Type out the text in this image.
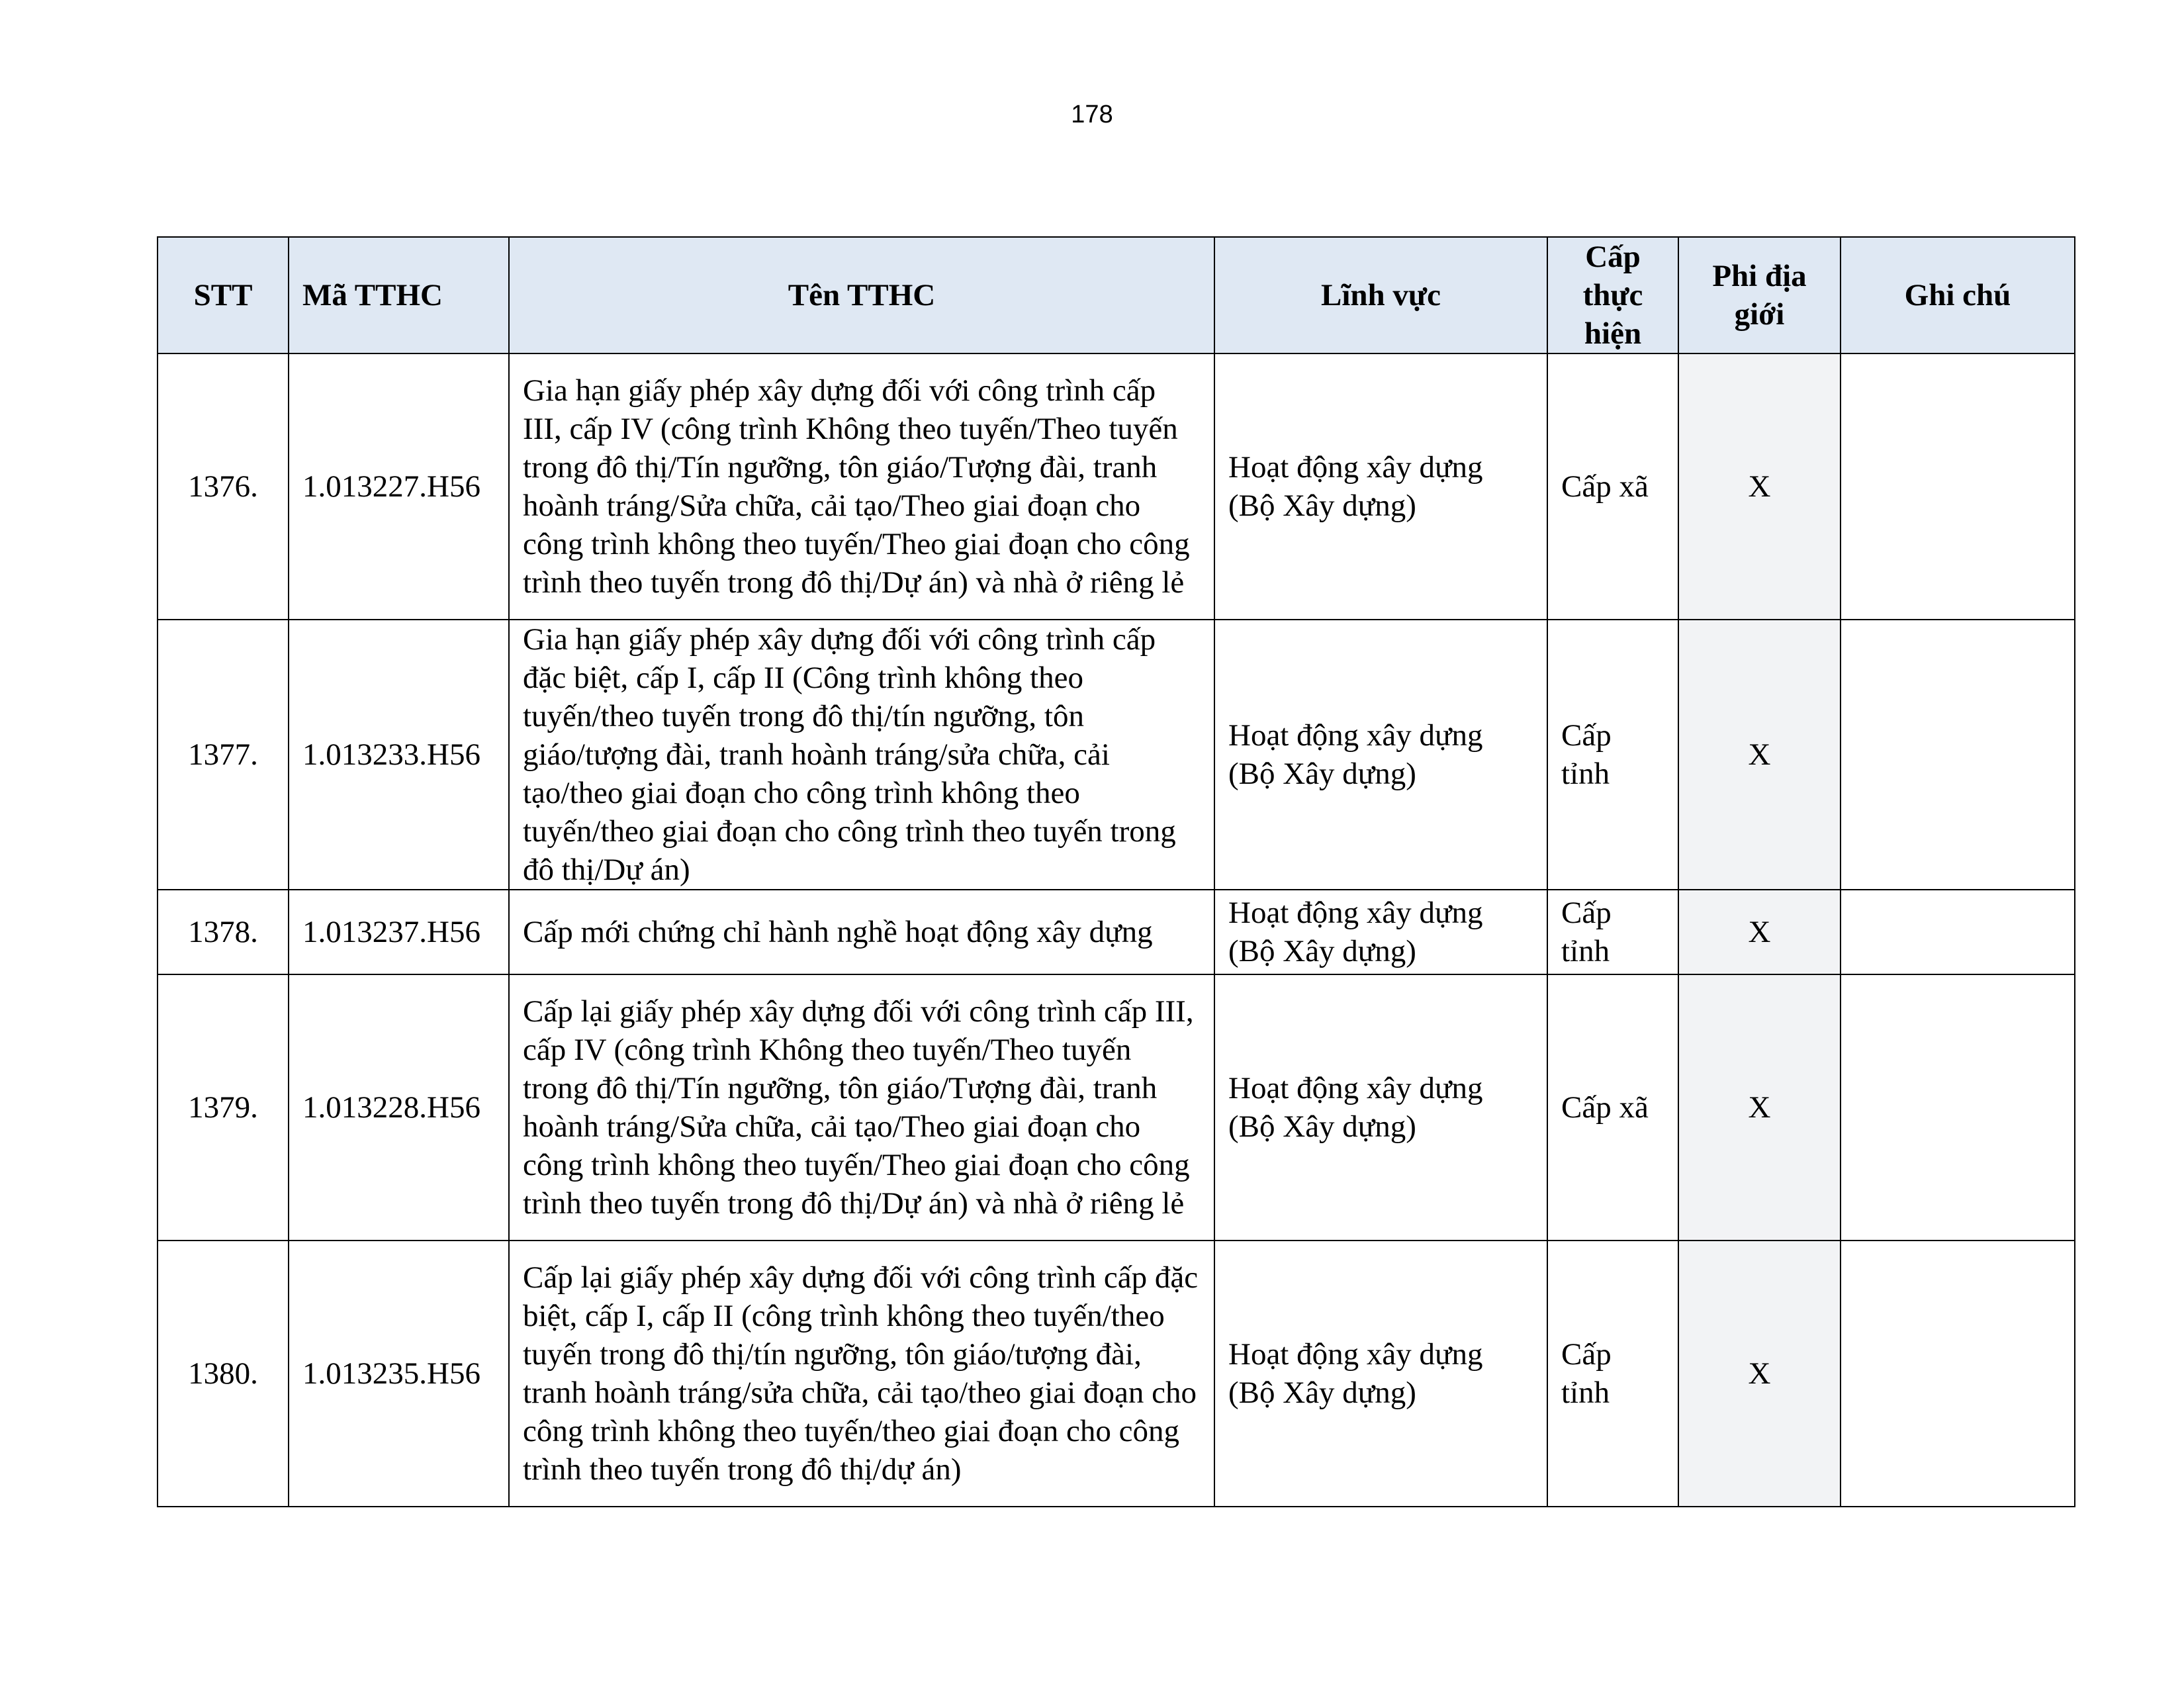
178
STT	Mã TTHC	Tên TTHC	Lĩnh vực	Cấp thực hiện	Phi địa giới	Ghi chú
1376.	1.013227.H56	Gia hạn giấy phép xây dựng đối với công trình cấp III, cấp IV (công trình Không theo tuyến/Theo tuyến trong đô thị/Tín ngưỡng, tôn giáo/Tượng đài, tranh hoành tráng/Sửa chữa, cải tạo/Theo giai đoạn cho công trình không theo tuyến/Theo giai đoạn cho công trình theo tuyến trong đô thị/Dự án) và nhà ở riêng lẻ	Hoạt động xây dựng (Bộ Xây dựng)	Cấp xã	X	
1377.	1.013233.H56	Gia hạn giấy phép xây dựng đối với công trình cấp đặc biệt, cấp I, cấp II (Công trình không theo tuyến/theo tuyến trong đô thị/tín ngưỡng, tôn giáo/tượng đài, tranh hoành tráng/sửa chữa, cải tạo/theo giai đoạn cho công trình không theo tuyến/theo giai đoạn cho công trình theo tuyến trong đô thị/Dự án)	Hoạt động xây dựng (Bộ Xây dựng)	Cấp tỉnh	X	
1378.	1.013237.H56	Cấp mới chứng chỉ hành nghề hoạt động xây dựng	Hoạt động xây dựng (Bộ Xây dựng)	Cấp tỉnh	X	
1379.	1.013228.H56	Cấp lại giấy phép xây dựng đối với công trình cấp III, cấp IV (công trình Không theo tuyến/Theo tuyến trong đô thị/Tín ngưỡng, tôn giáo/Tượng đài, tranh hoành tráng/Sửa chữa, cải tạo/Theo giai đoạn cho công trình không theo tuyến/Theo giai đoạn cho công trình theo tuyến trong đô thị/Dự án) và nhà ở riêng lẻ	Hoạt động xây dựng (Bộ Xây dựng)	Cấp xã	X	
1380.	1.013235.H56	Cấp lại giấy phép xây dựng đối với công trình cấp đặc biệt, cấp I, cấp II (công trình không theo tuyến/theo tuyến trong đô thị/tín ngưỡng, tôn giáo/tượng đài, tranh hoành tráng/sửa chữa, cải tạo/theo giai đoạn cho công trình không theo tuyến/theo giai đoạn cho công trình theo tuyến trong đô thị/dự án)	Hoạt động xây dựng (Bộ Xây dựng)	Cấp tỉnh	X	
